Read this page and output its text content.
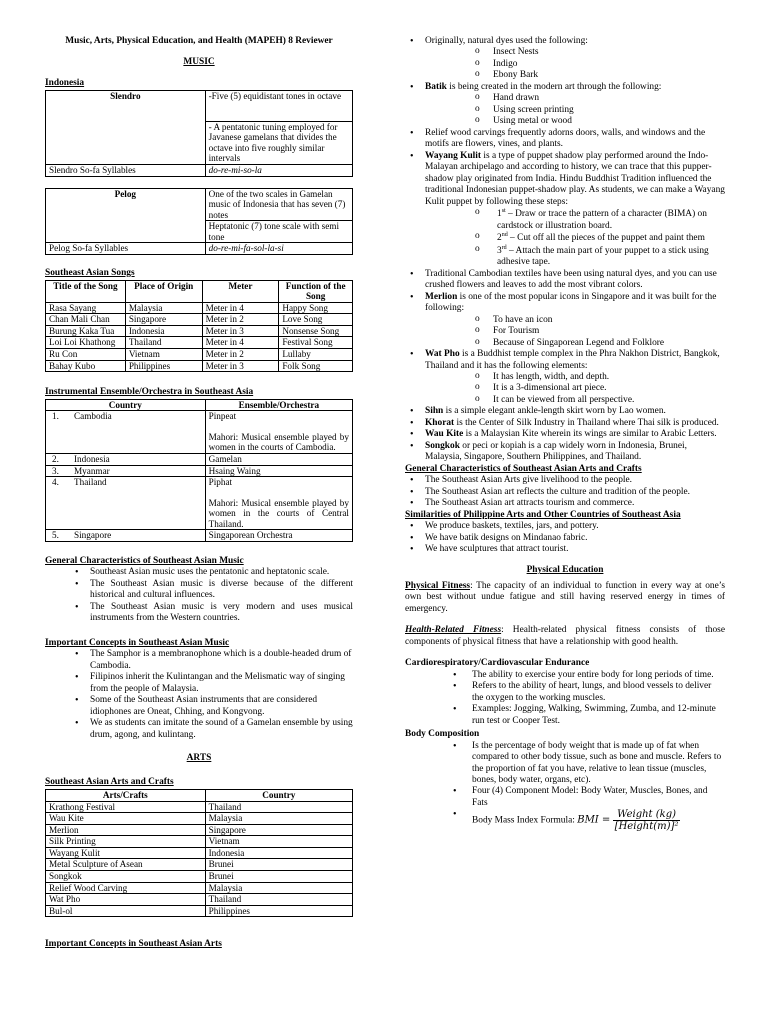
Music, Arts, Physical Education, and Health (MAPEH) 8 Reviewer
MUSIC
Indonesia
Slendro	-Five (5) equidistant tones in octave
	- A pentatonic tuning employed for Javanese gamelans that divides the octave into five roughly similar intervals
Slendro So-fa Syllables	do-re-mi-so-la
Pelog	One of the two scales in Gamelan music of Indonesia that has seven (7) notes
	Heptatonic (7) tone scale with semi tone
Pelog So-fa Syllables	do-re-mi-fa-sol-la-si
Southeast Asian Songs
Title of the Song	Place of Origin	Meter	Function of the Song
Rasa Sayang	Malaysia	Meter in 4	Happy Song
Chan Mali Chan	Singapore	Meter in 2	Love Song
Burung Kaka Tua	Indonesia	Meter in 3	Nonsense Song
Loi Loi Khathong	Thailand	Meter in 4	Festival Song
Ru Con	Vietnam	Meter in 2	Lullaby
Bahay Kubo	Philippines	Meter in 3	Folk Song
Instrumental Ensemble/Orchestra in Southeast Asia
Country	Ensemble/Orchestra
1. Cambodia	Pinpeat
Mahori: Musical ensemble played by women in the courts of Cambodia.

2. Indonesia	Gamelan

3. Myanmar	Hsaing Waing

4. Thailand	Piphat
Mahori: Musical ensemble played by women in the courts of Central Thailand.

5. Singapore	Singaporean Orchestra
General Characteristics of Southeast Asian Music
• Southeast Asian music uses the pentatonic and heptatonic scale.
• The Southeast Asian music is diverse because of the different historical and cultural influences.
• The Southeast Asian music is very modern and uses musical instruments from the Western countries.
Important Concepts in Southeast Asian Music
• The Samphor is a membranophone which is a double-headed drum of Cambodia.
• Filipinos inherit the Kulintangan and the Melismatic way of singing from the people of Malaysia.
• Some of the Southeast Asian instruments that are considered idiophones are Oneat, Chhing, and Kongvong.
• We as students can imitate the sound of a Gamelan ensemble by using drum, agong, and kulintang.
ARTS
Southeast Asian Arts and Crafts
Arts/Crafts	Country
Krathong Festival	Thailand
Wau Kite	Malaysia
Merlion	Singapore
Silk Printing	Vietnam
Wayang Kulit	Indonesia
Metal Sculpture of Asean	Brunei
Songkok	Brunei
Relief Wood Carving	Malaysia
Wat Pho	Thailand
Bul-ol	Philippines
Important Concepts in Southeast Asian Arts
• Originally, natural dyes used the following:
o Insect Nests
o Indigo
o Ebony Bark
• Batik is being created in the modern art through the following:
o Hand drawn
o Using screen printing
o Using metal or wood
• Relief wood carvings frequently adorns doors, walls, and windows and the motifs are flowers, vines, and plants.
• Wayang Kulit is a type of puppet shadow play performed around the Indo-Malayan archipelago and according to history, we can trace that this pupper-shadow play originated from India. Hindu Buddhist Tradition influenced the traditional Indonesian puppet-shadow play. As students, we can make a Wayang Kulit puppet by following these steps:
o 1st – Draw or trace the pattern of a character (BIMA) on cardstock or illustration board.
o 2nd – Cut off all the pieces of the puppet and paint them
o 3rd – Attach the main part of your puppet to a stick using adhesive tape.
• Traditional Cambodian textiles have been using natural dyes, and you can use crushed flowers and leaves to add the most vibrant colors.
• Merlion is one of the most popular icons in Singapore and it was built for the following:
o To have an icon
o For Tourism
o Because of Singaporean Legend and Folklore
• Wat Pho is a Buddhist temple complex in the Phra Nakhon District, Bangkok, Thailand and it has the following elements:
o It has length, width, and depth.
o It is a 3-dimensional art piece.
o It can be viewed from all perspective.
• Sihn is a simple elegant ankle-length skirt worn by Lao women.
• Khorat is the Center of Silk Industry in Thailand where Thai silk is produced.
• Wau Kite is a Malaysian Kite wherein its wings are similar to Arabic Letters.
• Songkok or peci or kopiah is a cap widely worn in Indonesia, Brunei, Malaysia, Singapore, Southern Philippines, and Thailand.
General Characteristics of Southeast Asian Arts and Crafts
• The Southeast Asian Arts give livelihood to the people.
• The Southeast Asian art reflects the culture and tradition of the people.
• The Southeast Asian art attracts tourism and commerce.
Similarities of Philippine Arts and Other Countries of Southeast Asia
• We produce baskets, textiles, jars, and pottery.
• We have batik designs on Mindanao fabric.
• We have sculptures that attract tourist.
Physical Education
Physical Fitness: The capacity of an individual to function in every way at one’s own best without undue fatigue and still having reserved energy in times of emergency.
Health-Related Fitness: Health-related physical fitness consists of those components of physical fitness that have a relationship with good health.
Cardiorespiratory/Cardiovascular Endurance
• The ability to exercise your entire body for long periods of time.
• Refers to the ability of heart, lungs, and blood vessels to deliver the oxygen to the working muscles.
• Examples: Jogging, Walking, Swimming, Zumba, and 12-minute run test or Cooper Test.
Body Composition
• Is the percentage of body weight that is made up of fat when compared to other body tissue, such as bone and muscle. Refers to the proportion of fat you have, relative to lean tissue (muscles, bones, body water, organs, etc).
• Four (4) Component Model: Body Water, Muscles, Bones, and Fats
• Body Mass Index Formula: BMI = $\frac{\text{Weight (kg)}}{\text{[Height(m)]²}}$
